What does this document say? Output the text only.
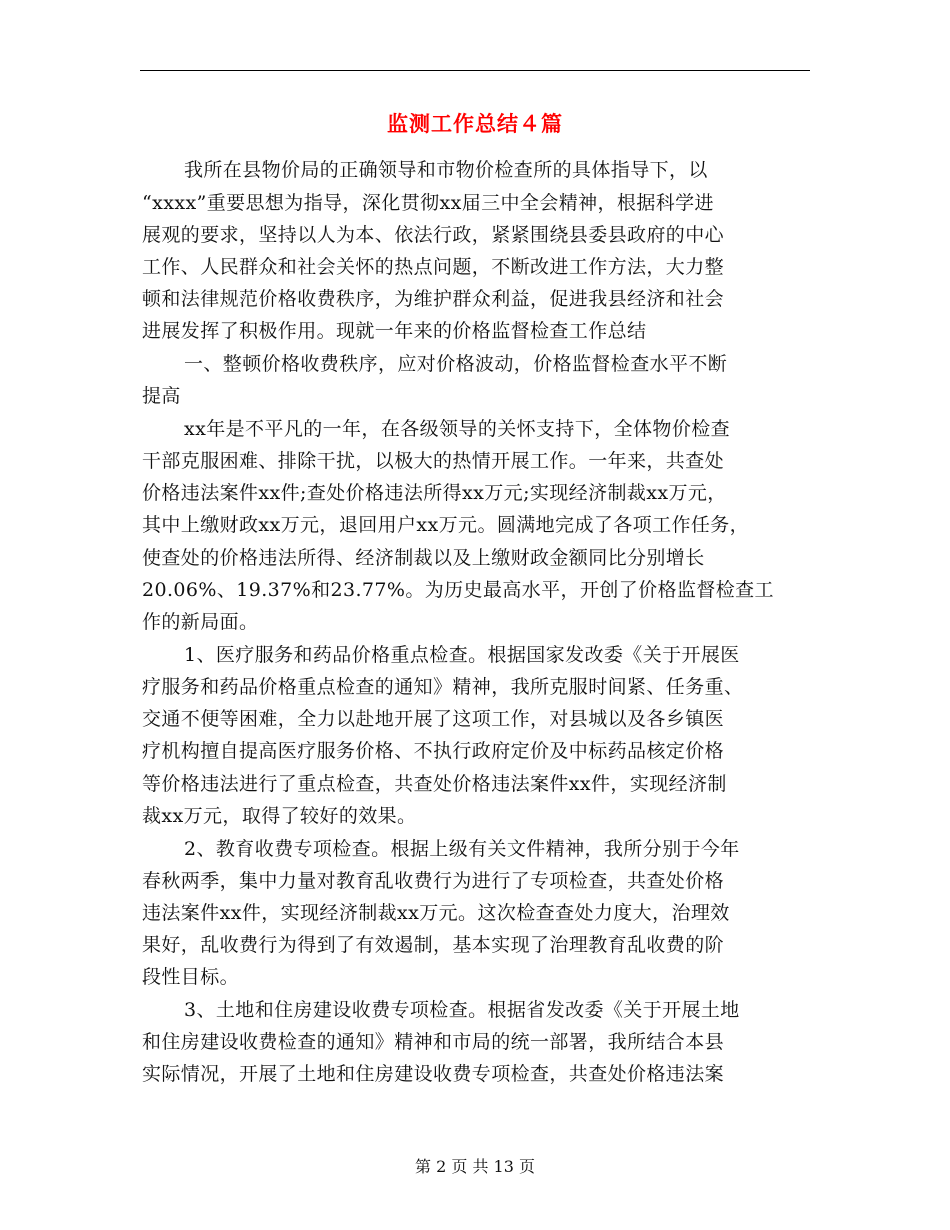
监测工作总结４篇
我所在县物价局的正确领导和市物价检查所的具体指导下，以
“xxxx”重要思想为指导，深化贯彻xx届三中全会精神，根据科学进
展观的要求，坚持以人为本、依法行政，紧紧围绕县委县政府的中心
工作、人民群众和社会关怀的热点问题，不断改进工作方法，大力整
顿和法律规范价格收费秩序，为维护群众利益，促进我县经济和社会
进展发挥了积极作用。现就一年来的价格监督检查工作总结
一、整顿价格收费秩序，应对价格波动，价格监督检查水平不断
提高
xx年是不平凡的一年，在各级领导的关怀支持下，全体物价检查
干部克服困难、排除干扰，以极大的热情开展工作。一年来，共查处
价格违法案件xx件;查处价格违法所得xx万元;实现经济制裁xx万元，
其中上缴财政xx万元，退回用户xx万元。圆满地完成了各项工作任务，
使查处的价格违法所得、经济制裁以及上缴财政金额同比分别增长
20.06%、19.37%和23.77%。为历史最高水平，开创了价格监督检查工
作的新局面。
1、医疗服务和药品价格重点检查。根据国家发改委《关于开展医
疗服务和药品价格重点检查的通知》精神，我所克服时间紧、任务重、
交通不便等困难，全力以赴地开展了这项工作，对县城以及各乡镇医
疗机构擅自提高医疗服务价格、不执行政府定价及中标药品核定价格
等价格违法进行了重点检查，共查处价格违法案件xx件，实现经济制
裁xx万元，取得了较好的效果。
2、教育收费专项检查。根据上级有关文件精神，我所分别于今年
春秋两季，集中力量对教育乱收费行为进行了专项检查，共查处价格
违法案件xx件，实现经济制裁xx万元。这次检查查处力度大，治理效
果好，乱收费行为得到了有效遏制，基本实现了治理教育乱收费的阶
段性目标。
3、土地和住房建设收费专项检查。根据省发改委《关于开展土地
和住房建设收费检查的通知》精神和市局的统一部署，我所结合本县
实际情况，开展了土地和住房建设收费专项检查，共查处价格违法案
第 2 页 共 13 页
